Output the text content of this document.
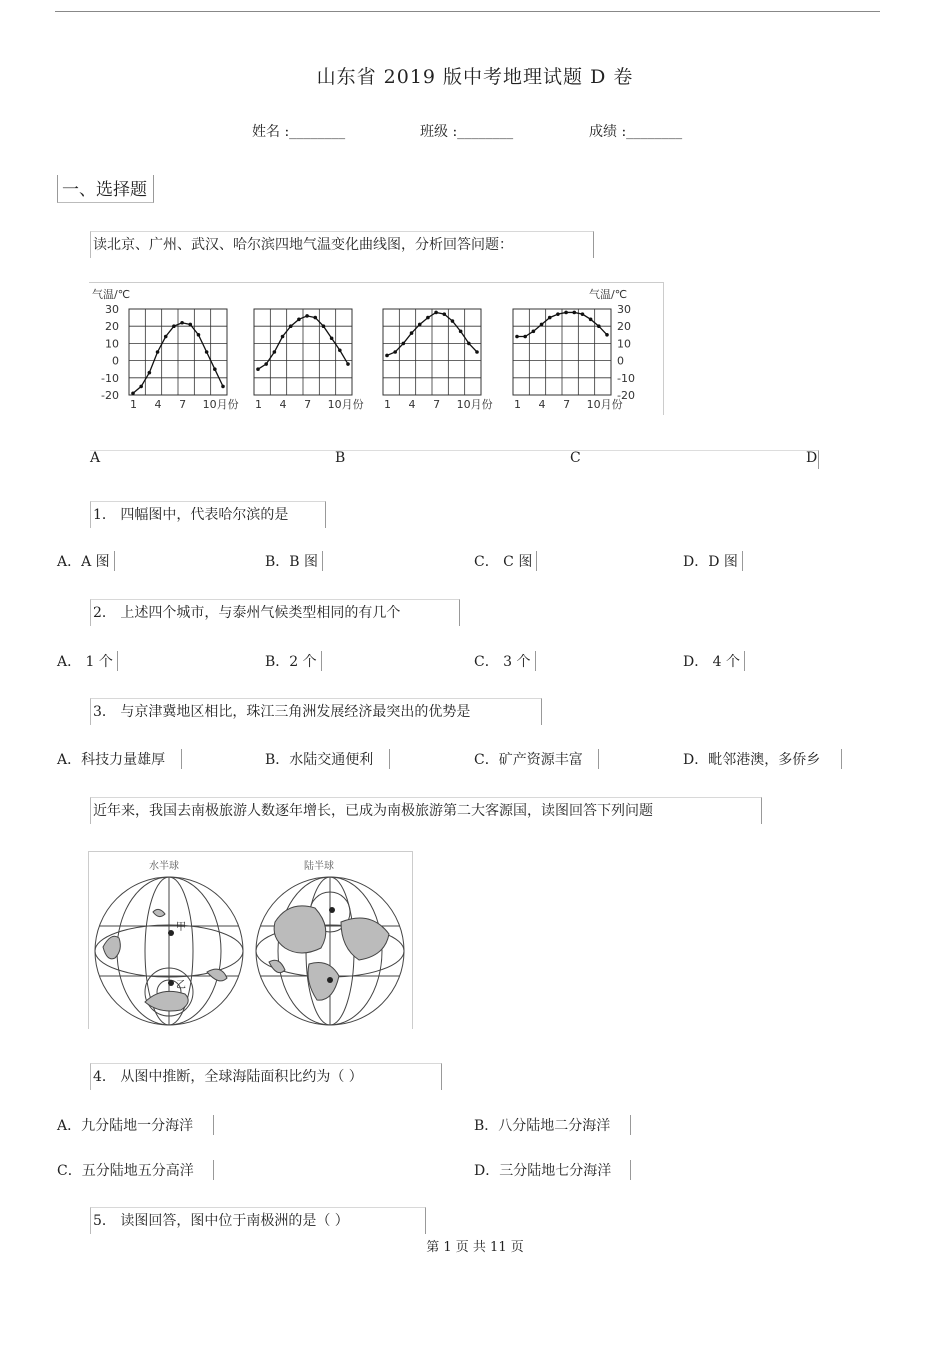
山东省 2019 版中考地理试题 D 卷
姓名 :________	班级 :________	成绩 :________
一、选择题
读北京、广州、武汉、哈尔滨四地气温变化曲线图，分析回答问题：
气温/℃	气温/℃
30	30
20	20
10	10
0	0
-10	-10
-20	-20
1 4 7 10月份 1 4 7 10月份 1 4 7 10月份 1 4 7 10月份
A	B	C	D
1． 四幅图中，代表哈尔滨的是
A．A 图	B．B 图	C． C 图	D．D 图
2． 上述四个城市，与泰州气候类型相同的有几个
A． 1 个	B．2 个	C． 3 个	D． 4 个
3． 与京津冀地区相比，珠江三角洲发展经济最突出的优势是
A．科技力量雄厚	B．水陆交通便利	C．矿产资源丰富	D．毗邻港澳，多侨乡
近年来，我国去南极旅游人数逐年增长，已成为南极旅游第二大客源国，读图回答下列问题
水半球	陆半球
甲
乙
4． 从图中推断，全球海陆面积比约为（ ）
A．九分陆地一分海洋	B．八分陆地二分海洋
C．五分陆地五分高洋	D．三分陆地七分海洋
5． 读图回答，图中位于南极洲的是（ ）
第 1 页 共 11 页
